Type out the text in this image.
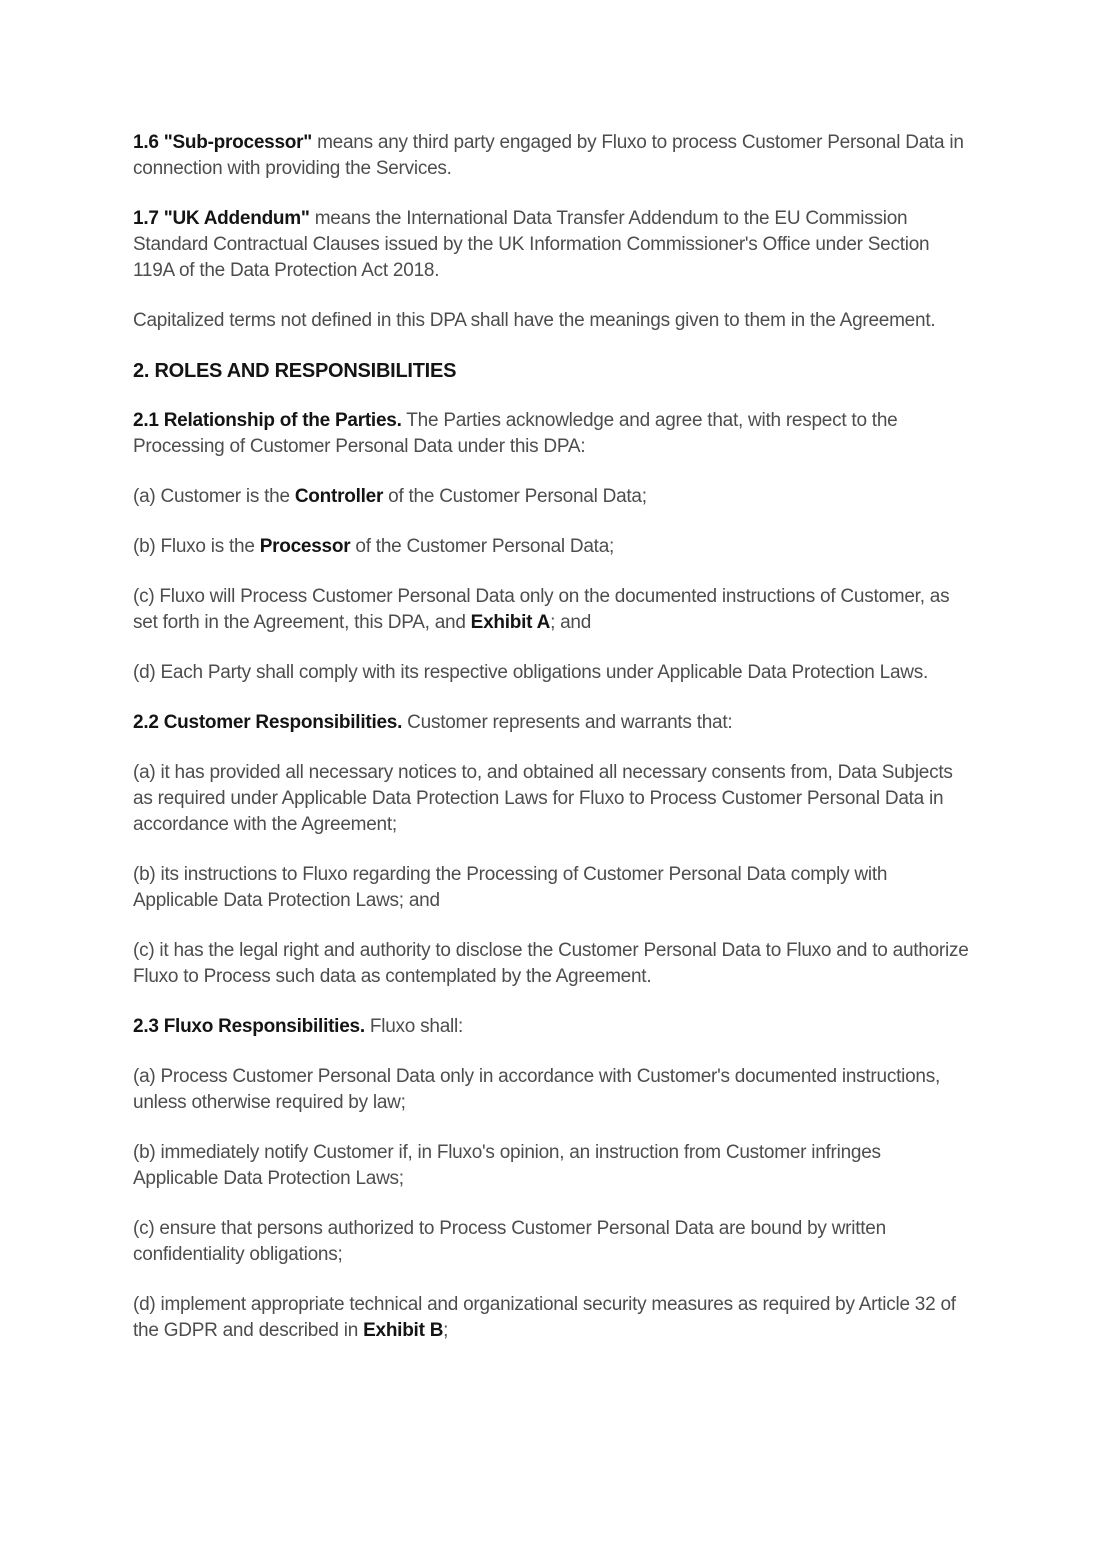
1.6 "Sub-processor" means any third party engaged by Fluxo to process Customer Personal Data in connection with providing the Services.

1.7 "UK Addendum" means the International Data Transfer Addendum to the EU Commission Standard Contractual Clauses issued by the UK Information Commissioner's Office under Section 119A of the Data Protection Act 2018.

Capitalized terms not defined in this DPA shall have the meanings given to them in the Agreement.

2. ROLES AND RESPONSIBILITIES

2.1 Relationship of the Parties. The Parties acknowledge and agree that, with respect to the Processing of Customer Personal Data under this DPA:

(a) Customer is the Controller of the Customer Personal Data;

(b) Fluxo is the Processor of the Customer Personal Data;

(c) Fluxo will Process Customer Personal Data only on the documented instructions of Customer, as set forth in the Agreement, this DPA, and Exhibit A; and

(d) Each Party shall comply with its respective obligations under Applicable Data Protection Laws.

2.2 Customer Responsibilities. Customer represents and warrants that:

(a) it has provided all necessary notices to, and obtained all necessary consents from, Data Subjects as required under Applicable Data Protection Laws for Fluxo to Process Customer Personal Data in accordance with the Agreement;

(b) its instructions to Fluxo regarding the Processing of Customer Personal Data comply with Applicable Data Protection Laws; and

(c) it has the legal right and authority to disclose the Customer Personal Data to Fluxo and to authorize Fluxo to Process such data as contemplated by the Agreement.

2.3 Fluxo Responsibilities. Fluxo shall:

(a) Process Customer Personal Data only in accordance with Customer's documented instructions, unless otherwise required by law;

(b) immediately notify Customer if, in Fluxo's opinion, an instruction from Customer infringes Applicable Data Protection Laws;

(c) ensure that persons authorized to Process Customer Personal Data are bound by written confidentiality obligations;

(d) implement appropriate technical and organizational security measures as required by Article 32 of the GDPR and described in Exhibit B;
